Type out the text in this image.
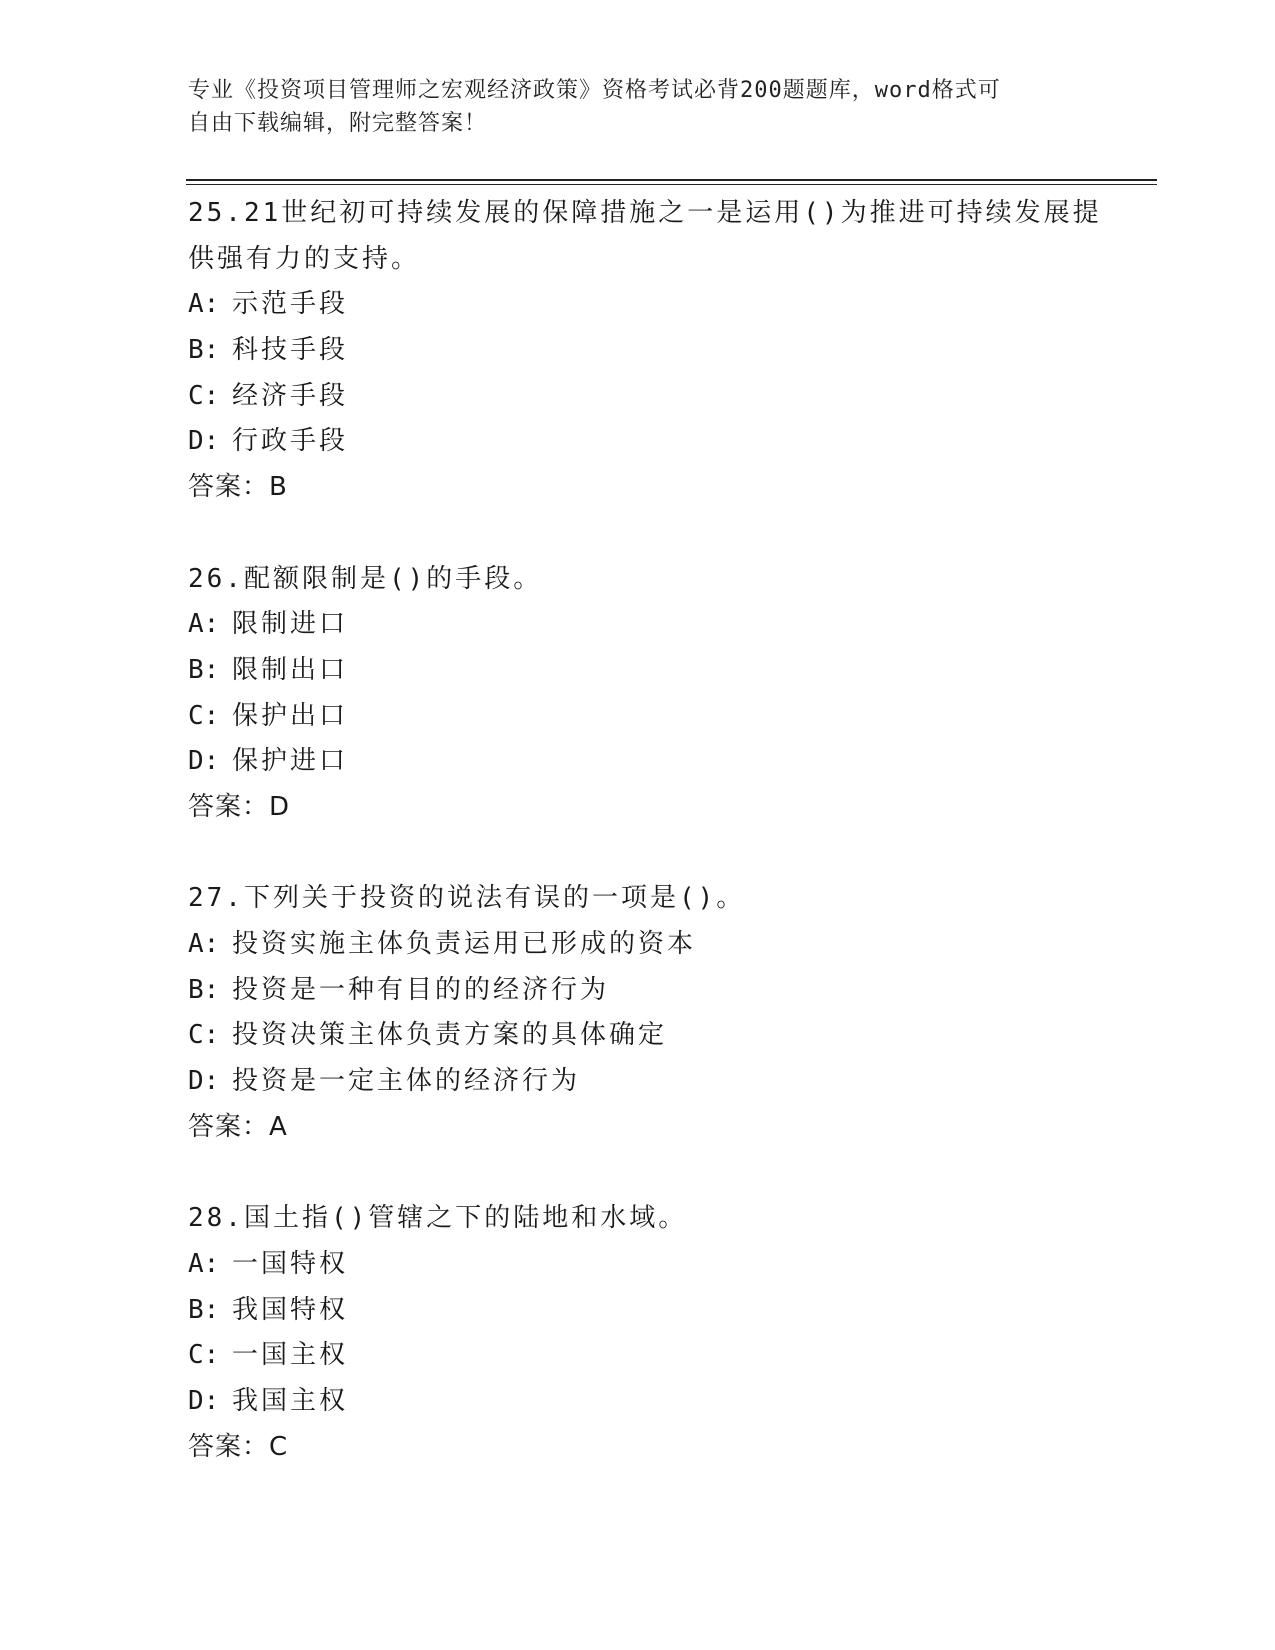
专业《投资项目管理师之宏观经济政策》资格考试必背200题题库，word格式可
自由下载编辑，附完整答案！
25.21世纪初可持续发展的保障措施之一是运用()为推进可持续发展提
供强有力的支持。
A: 示范手段
B: 科技手段
C: 经济手段
D: 行政手段
答案：B
26.配额限制是()的手段。
A: 限制进口
B: 限制出口
C: 保护出口
D: 保护进口
答案：D
27.下列关于投资的说法有误的一项是()。
A: 投资实施主体负责运用已形成的资本
B: 投资是一种有目的的经济行为
C: 投资决策主体负责方案的具体确定
D: 投资是一定主体的经济行为
答案：A
28.国土指()管辖之下的陆地和水域。
A: 一国特权
B: 我国特权
C: 一国主权
D: 我国主权
答案：C
